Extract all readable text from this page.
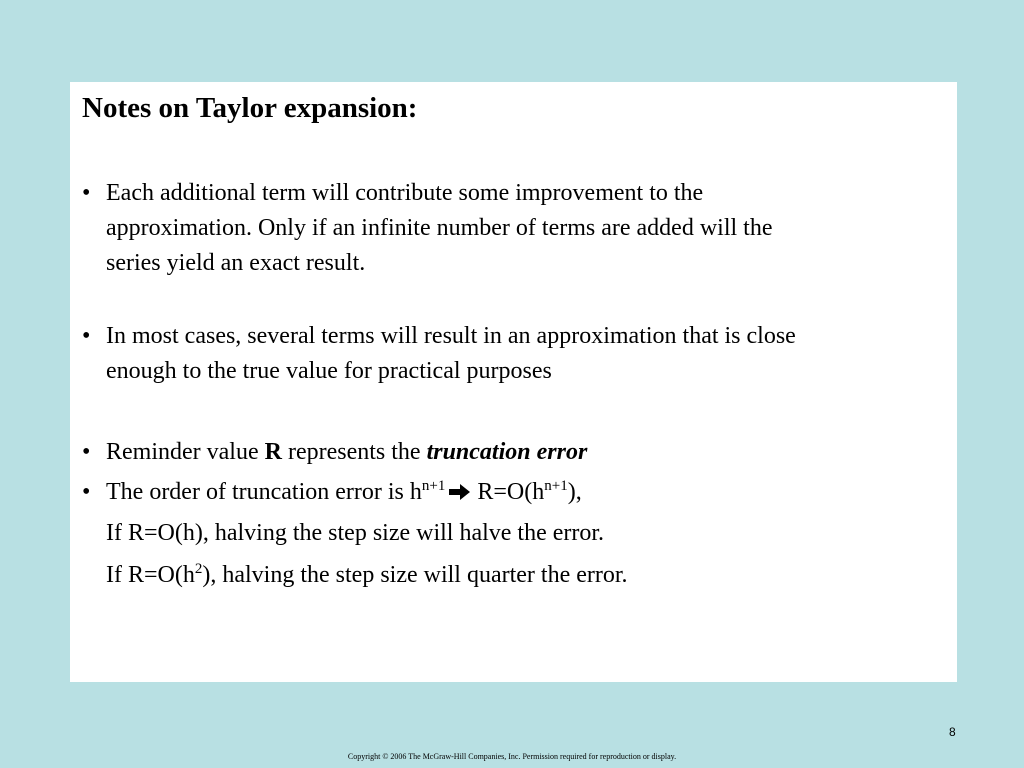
Notes on Taylor expansion:
• Each additional term will contribute some improvement to the
approximation. Only if an infinite number of terms are added will the
series yield an exact result.
• In most cases, several terms will result in an approximation that is close
enough to the true value for practical purposes
• Reminder value R represents the truncation error
• The order of truncation error is $h^{n+1}$ $R=O(h^{n+1})$,
If R=O(h), halving the step size will halve the error.
If $R=O(h^2)$, halving the step size will quarter the error.
8
Copyright © 2006 The McGraw-Hill Companies, Inc. Permission required for reproduction or display.
